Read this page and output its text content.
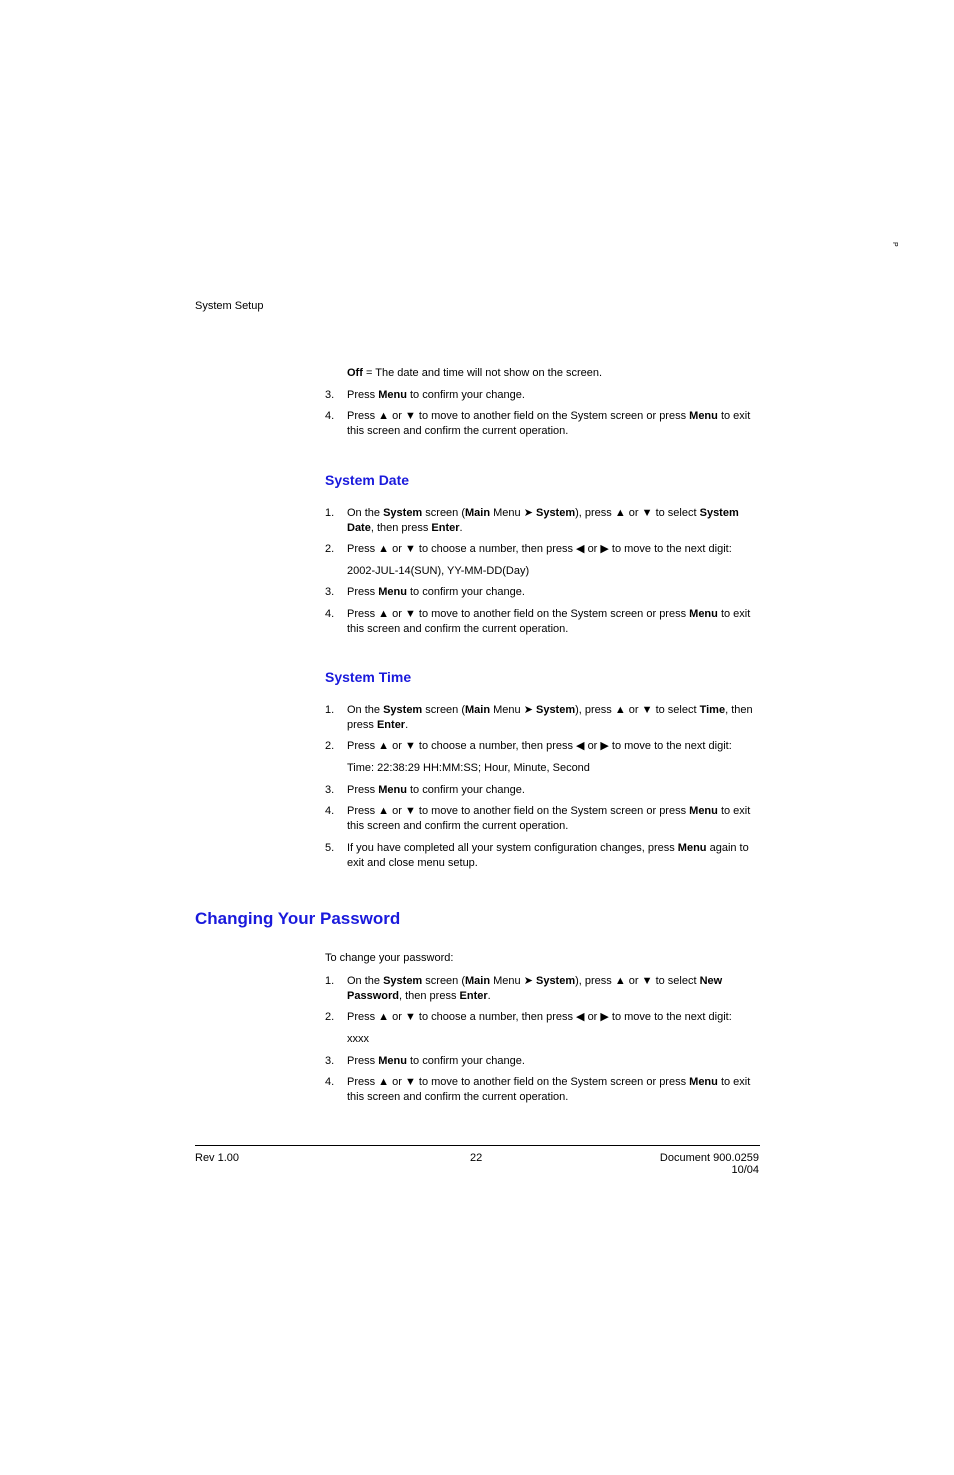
P
System Setup
Off = The date and time will not show on the screen.
3.	Press Menu to confirm your change.
4.	Press ▲ or ▼ to move to another field on the System screen or press Menu to exit this screen and confirm the current operation.
System Date
1.	On the System screen (Main Menu ➤ System), press ▲ or ▼ to select System Date, then press Enter.
2.	Press ▲ or ▼ to choose a number, then press ◀ or ▶ to move to the next digit:
2002-JUL-14(SUN), YY-MM-DD(Day)
3.	Press Menu to confirm your change.
4.	Press ▲ or ▼ to move to another field on the System screen or press Menu to exit this screen and confirm the current operation.
System Time
1.	On the System screen (Main Menu ➤ System), press ▲ or ▼ to select Time, then press Enter.
2.	Press ▲ or ▼ to choose a number, then press ◀ or ▶ to move to the next digit:
Time: 22:38:29 HH:MM:SS; Hour, Minute, Second
3.	Press Menu to confirm your change.
4.	Press ▲ or ▼ to move to another field on the System screen or press Menu to exit this screen and confirm the current operation.
5.	If you have completed all your system configuration changes, press Menu again to exit and close menu setup.
Changing Your Password
To change your password:
1.	On the System screen (Main Menu ➤ System), press ▲ or ▼ to select New Password, then press Enter.
2.	Press ▲ or ▼ to choose a number, then press ◀ or ▶ to move to the next digit:
xxxx
3.	Press Menu to confirm your change.
4.	Press ▲ or ▼ to move to another field on the System screen or press Menu to exit this screen and confirm the current operation.
Rev 1.00	22	Document 900.0259
10/04
